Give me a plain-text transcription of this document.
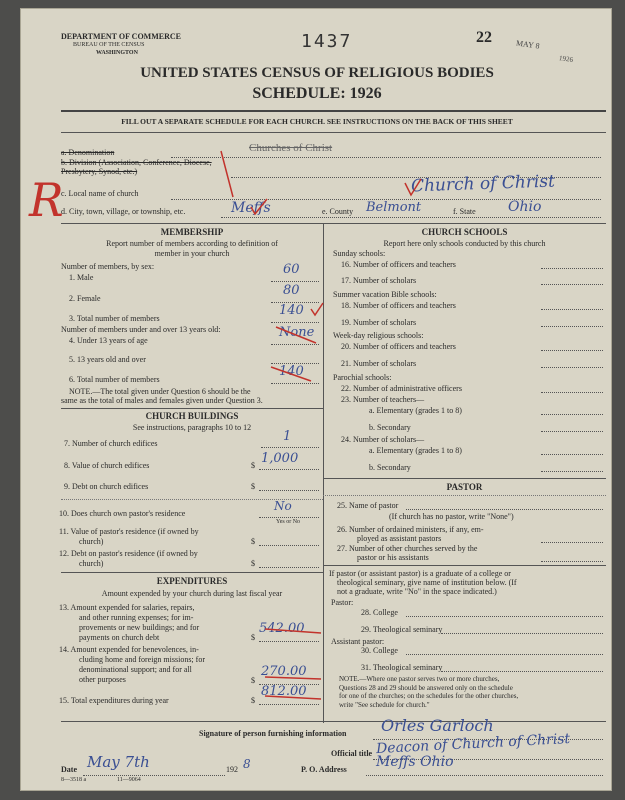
DEPARTMENT OF COMMERCE
BUREAU OF THE CENSUS
WASHINGTON
1437	22	MAY 8
1926
UNITED STATES CENSUS OF RELIGIOUS BODIES
SCHEDULE: 1926
FILL OUT A SEPARATE SCHEDULE FOR EACH CHURCH. SEE INSTRUCTIONS ON THE BACK OF THIS SHEET
a. Denomination	Churches of Christ
b. Division (Association, Conference, Diocese, Presbytery, Synod, etc.)
R
c. Local name of church	Church of Christ
d. City, town, village, or township, etc.	Meffs	e. County Belmont	f. State Ohio
MEMBERSHIP
Report number of members according to definition of
member in your church
Number of members, by sex:
1. Male
60
2. Female
80
3. Total number of members
140
Number of members under and over 13 years old:
4. Under 13 years of age
None
5. 13 years old and over
6. Total number of members
140
NOTE.—The total given under Question 6 should be the
same as the total of males and females given under Question 3.
CHURCH BUILDINGS
See instructions, paragraphs 10 to 12
7. Number of church edifices	1
8. Value of church edifices	$ 1,000
9. Debt on church edifices	$
10. Does church own pastor's residence
No
Yes or No
11. Value of pastor's residence (if owned by
church)	$
12. Debt on pastor's residence (if owned by
church)	$
EXPENDITURES
Amount expended by your church during last fiscal year
13. Amount expended for salaries, repairs,
and other running expenses; for im-
provements or new buildings; and for
payments on church debt	$
542.00
14. Amount expended for benevolences, in-
cluding home and foreign missions; for
denominational support; and for all
other purposes	$
270.00
15. Total expenditures during year	$
812.00
CHURCH SCHOOLS
Report here only schools conducted by this church
Sunday schools:
16. Number of officers and teachers
17. Number of scholars
Summer vacation Bible schools:
18. Number of officers and teachers
19. Number of scholars
Week-day religious schools:
20. Number of officers and teachers
21. Number of scholars
Parochial schools:
22. Number of administrative officers
23. Number of teachers—
a. Elementary (grades 1 to 8)
b. Secondary
24. Number of scholars—
a. Elementary (grades 1 to 8)
b. Secondary
PASTOR
25. Name of pastor
(If church has no pastor, write "None")
26. Number of ordained ministers, if any, em-
ployed as assistant pastors
27. Number of other churches served by the
pastor or his assistants
If pastor (or assistant pastor) is a graduate of a college or
theological seminary, give name of institution below. (If
not a graduate, write "No" in the space indicated.)
Pastor:
28. College
29. Theological seminary
Assistant pastor:
30. College
31. Theological seminary
NOTE.—Where one pastor serves two or more churches,
Questions 28 and 29 should be answered only on the schedule
for one of the churches; on the schedules for the other churches,
write "See schedule for church."
Signature of person furnishing information Orles Garloch
Official title Deacon of Church of Christ
Date May 7th	192 8	P. O. Address Meffs Ohio
8—3518 a	11—9064
